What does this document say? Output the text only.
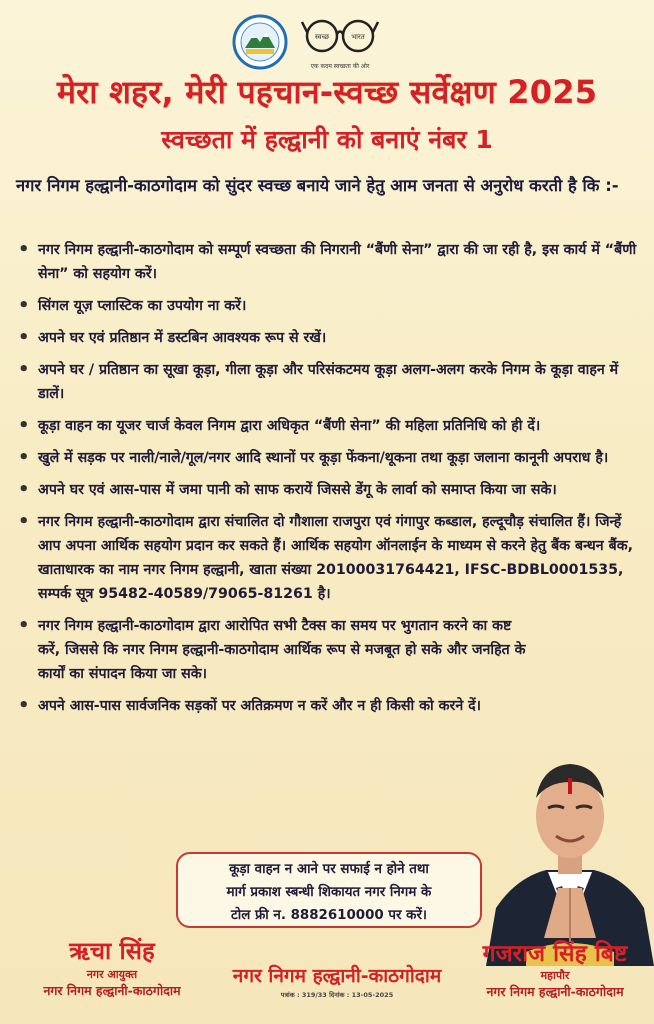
स्वच्छ	भारत
एक कदम स्वच्छता की ओर
मेरा शहर, मेरी पहचान-स्वच्छ सर्वेक्षण 2025
स्वच्छता में हल्द्वानी को बनाएं नंबर 1
नगर निगम हल्द्वानी-काठगोदाम को सुंदर स्वच्छ बनाये जाने हेतु आम जनता से अनुरोध करती है कि :-
• नगर निगम हल्द्वानी-काठगोदाम को सम्पूर्ण स्वच्छता की निगरानी “बैंणी सेना” द्वारा की जा रही है, इस कार्य में “बैंणी सेना” को सहयोग करें।
• सिंगल यूज़ प्लास्टिक का उपयोग ना करें।
• अपने घर एवं प्रतिष्ठान में डस्टबिन आवश्यक रूप से रखें।
• अपने घर / प्रतिष्ठान का सूखा कूड़ा, गीला कूड़ा और परिसंकटमय कूड़ा अलग-अलग करके निगम के कूड़ा वाहन में डालें।
• कूड़ा वाहन का यूजर चार्ज केवल निगम द्वारा अधिकृत “बैंणी सेना” की महिला प्रतिनिधि को ही दें।
• खुले में सड़क पर नाली/नाले/गूल/नगर आदि स्थानों पर कूड़ा फेंकना/थूकना तथा कूड़ा जलाना कानूनी अपराध है।
• अपने घर एवं आस-पास में जमा पानी को साफ करायें जिससे डेंगू के लार्वा को समाप्त किया जा सके।
• नगर निगम हल्द्वानी-काठगोदाम द्वारा संचालित दो गौशाला राजपुरा एवं गंगापुर कब्डाल, हल्दूचौड़ संचालित हैं। जिन्हें आप अपना आर्थिक सहयोग प्रदान कर सकते हैं। आर्थिक सहयोग ऑनलाईन के माध्यम से करने हेतु बैंक बन्धन बैंक, खाताधारक का नाम नगर निगम हल्द्वानी, खाता संख्या 20100031764421, IFSC-BDBL0001535, सम्पर्क सूत्र 95482-40589/79065-81261 है।
• नगर निगम हल्द्वानी-काठगोदाम द्वारा आरोपित सभी टैक्स का समय पर भुगतान करने का कष्ट करें, जिससे कि नगर निगम हल्द्वानी-काठगोदाम आर्थिक रूप से मजबूत हो सके और जनहित के कार्यों का संपादन किया जा सके।
• अपने आस-पास सार्वजनिक सड़कों पर अतिक्रमण न करें और न ही किसी को करने दें।
कूड़ा वाहन न आने पर सफाई न होने तथा
मार्ग प्रकाश स्बन्धी शिकायत नगर निगम के
टोल फ्री न. 8882610000 पर करें।
ऋचा सिंह
नगर आयुक्त
नगर निगम हल्द्वानी-काठगोदाम
नगर निगम हल्द्वानी-काठगोदाम
पत्रांक : 319/33 दिनांक : 13-05-2025
गजराज सिंह बिष्ट
महापौर
नगर निगम हल्द्वानी-काठगोदाम
